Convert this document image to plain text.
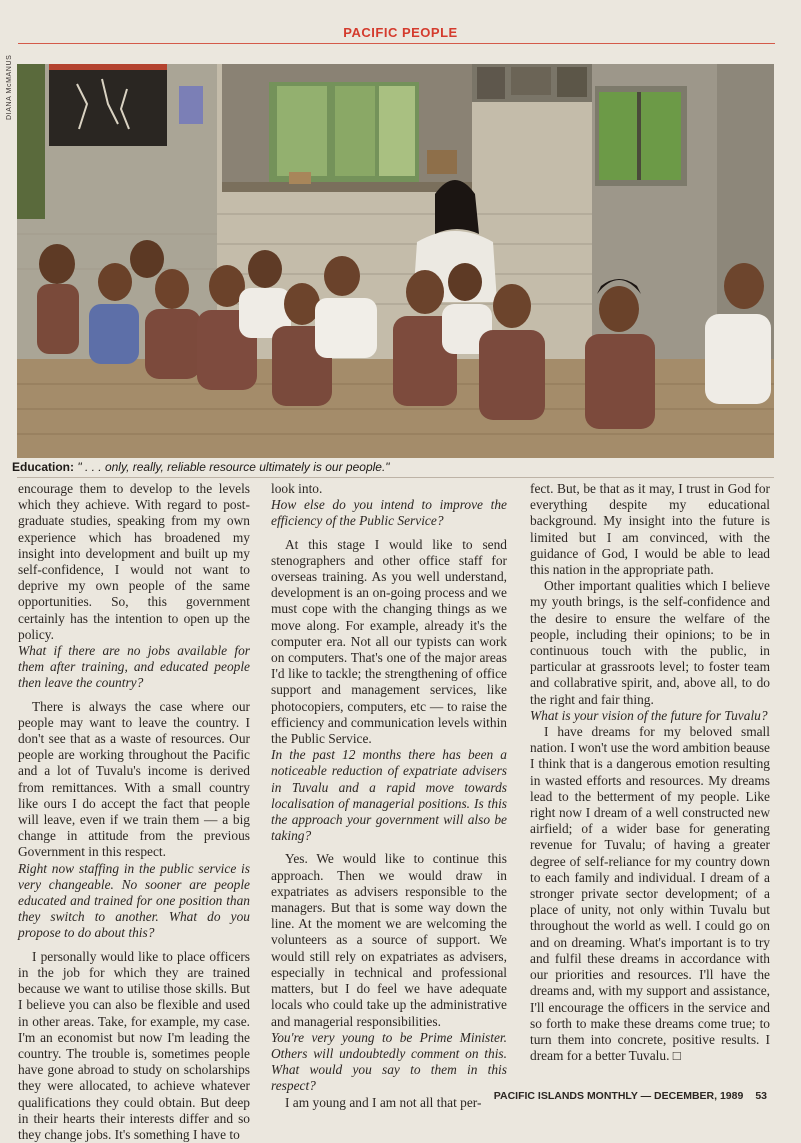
PACIFIC PEOPLE
DIANA McMANUS
Education: " . . . only, really, reliable resource ultimately is our people."

encourage them to develop to the levels which they achieve. With regard to post-graduate studies, speaking from my own experience which has broadened my insight into development and built up my self-confidence, I would not want to deprive my own people of the same opportunities. So, this government certainly has the intention to open up the policy.

What if there are no jobs available for them after training, and educated people then leave the country?

There is always the case where our people may want to leave the country. I don't see that as a waste of resources. Our people are working throughout the Pacific and a lot of Tuvalu's income is derived from remittances. With a small country like ours I do accept the fact that people will leave, even if we train them — a big change in attitude from the previous Government in this respect.

Right now staffing in the public service is very changeable. No sooner are people educated and trained for one position than they switch to another. What do you propose to do about this?

I personally would like to place officers in the job for which they are trained because we want to utilise those skills. But I believe you can also be flexible and used in other areas. Take, for example, my case. I'm an economist but now I'm leading the country. The trouble is, sometimes people have gone abroad to study on scholarships they were allocated, to achieve whatever qualifications they could obtain. But deep in their hearts their interests differ and so they change jobs. It's something I have to

look into.

How else do you intend to improve the efficiency of the Public Service?

At this stage I would like to send stenographers and other office staff for overseas training. As you well understand, development is an on-going process and we must cope with the changing things as we move along. For example, already it's the computer era. Not all our typists can work on computers. That's one of the major areas I'd like to tackle; the strengthening of office support and management services, like photocopiers, computers, etc — to raise the efficiency and communication levels within the Public Service.

In the past 12 months there has been a noticeable reduction of expatriate advisers in Tuvalu and a rapid move towards localisation of managerial positions. Is this the approach your government will also be taking?

Yes. We would like to continue this approach. Then we would draw in expatriates as advisers responsible to the managers. But that is some way down the line. At the moment we are welcoming the volunteers as a source of support. We would still rely on expatriates as advisers, especially in technical and professional matters, but I do feel we have adequate locals who could take up the administrative and managerial responsibilities.

You're very young to be Prime Minister. Others will undoubtedly comment on this. What would you say to them in this respect?

I am young and I am not all that per-

fect. But, be that as it may, I trust in God for everything despite my educational background. My insight into the future is limited but I am convinced, with the guidance of God, I would be able to lead this nation in the appropriate path.

Other important qualities which I believe my youth brings, is the self-confidence and the desire to ensure the welfare of the people, including their opinions; to be in continuous touch with the public, in particular at grassroots level; to foster team and collabrative spirit, and, above all, to do the right and fair thing.

What is your vision of the future for Tuvalu?

I have dreams for my beloved small nation. I won't use the word ambition beause I think that is a dangerous emotion resulting in wasted efforts and resources. My dreams lead to the betterment of my people. Like right now I dream of a well constructed new airfield; of a wider base for generating revenue for Tuvalu; of having a greater degree of self-reliance for my country down to each family and individual. I dream of a stronger private sector development; of a place of unity, not only within Tuvalu but throughout the world as well. I could go on and on dreaming. What's important is to try and fulfil these dreams in accordance with our priorities and resources. I'll have the dreams and, with my support and assistance, I'll encourage the officers in the service and so forth to make these dreams come true; to turn them into concrete, positive results. I dream for a better Tuvalu. □

PACIFIC ISLANDS MONTHLY — DECEMBER, 1989 53
